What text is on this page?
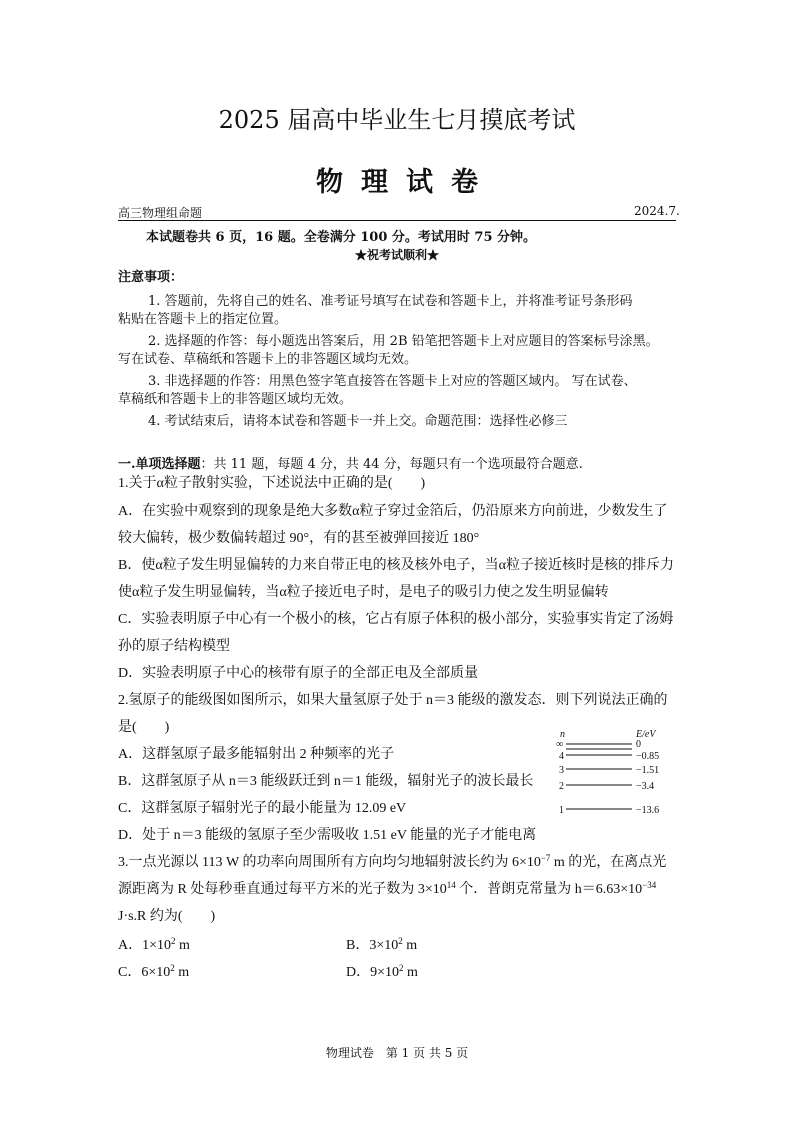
2025 届高中毕业生七月摸底考试
物理试卷
高三物理组命题	2024.7.
本试题卷共 6 页，16 题。全卷满分 100 分。考试用时 75 分钟。
★祝考试顺利★
注意事项：
1. 答题前，先将自己的姓名、准考证号填写在试卷和答题卡上，并将准考证号条形码
粘贴在答题卡上的指定位置。
2. 选择题的作答：每小题选出答案后，用 2B 铅笔把答题卡上对应题目的答案标号涂黑。
写在试卷、草稿纸和答题卡上的非答题区域均无效。
3. 非选择题的作答：用黑色签字笔直接答在答题卡上对应的答题区域内。 写在试卷、
草稿纸和答题卡上的非答题区域均无效。
4. 考试结束后，请将本试卷和答题卡一并上交。命题范围：选择性必修三
一.单项选择题：共 11 题，每题 4 分，共 44 分，每题只有一个选项最符合题意.
1.关于α粒子散射实验，下述说法中正确的是(　　)
A．在实验中观察到的现象是绝大多数α粒子穿过金箔后，仍沿原来方向前进，少数发生了
较大偏转，极少数偏转超过 90°，有的甚至被弹回接近 180°
B．使α粒子发生明显偏转的力来自带正电的核及核外电子，当α粒子接近核时是核的排斥力
使α粒子发生明显偏转，当α粒子接近电子时，是电子的吸引力使之发生明显偏转
C．实验表明原子中心有一个极小的核，它占有原子体积的极小部分，实验事实肯定了汤姆
孙的原子结构模型
D．实验表明原子中心的核带有原子的全部正电及全部质量
2.氢原子的能级图如图所示，如果大量氢原子处于 n＝3 能级的激发态．则下列说法正确的
是(　　)
A．这群氢原子最多能辐射出 2 种频率的光子
B．这群氢原子从 n＝3 能级跃迁到 n＝1 能级，辐射光子的波长最长
C．这群氢原子辐射光子的最小能量为 12.09 eV
D．处于 n＝3 能级的氢原子至少需吸收 1.51 eV 能量的光子才能电离
n	E/eV
∞	0
4	−0.85
3	−1.51
2	−3.4
1	−13.6
3.一点光源以 113 W 的功率向周围所有方向均匀地辐射波长约为 $6\times 10^{-7}$ m 的光，在离点光
源距离为 R 处每秒垂直通过每平方米的光子数为 $3\times 10^{14}$ 个．普朗克常量为 $h=6.63\times 10^{-34}$
J·s.R 约为(　　)
A．$1\times 10^2$ m	B．$3\times 10^2$ m
C．$6\times 10^2$ m	D．$9\times 10^2$ m
物理试卷　第 1 页 共 5 页
